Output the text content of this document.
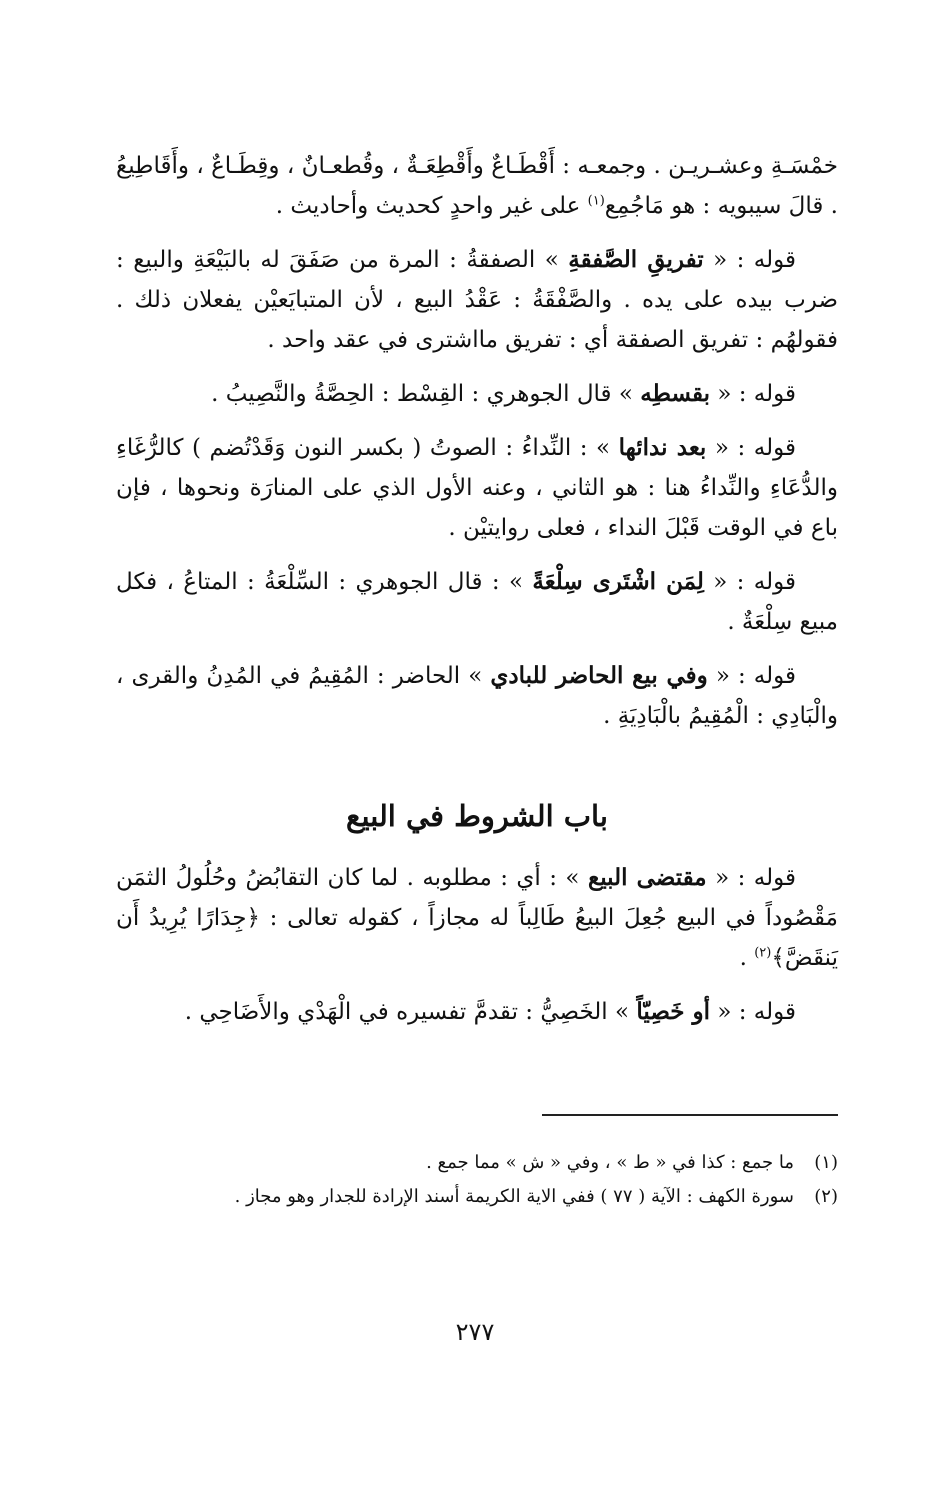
خمْسَـةِ وعشـريـن . وجمعـه : أَقْطَـاعٌ وأَقْطِعَـةٌ ، وقُطعـانٌ ، وقِطَـاعٌ ، وأَقَاطِيعُ . قالَ سيبويه : هو مَاجُمِع$^{(١)}$ على غير واحدٍ كحديث وأحاديث .

قوله : « تفريقِ الصَّفقةِ » الصفقةُ : المرة من صَفَقَ له بالبَيْعَةِ والبيع : ضرب بيده على يده . والصَّفْقَةُ : عَقْدُ البيع ، لأن المتبايَعيْن يفعلان ذلك . فقولهُم : تفريق الصفقة أي : تفريق مااشترى في عقد واحد .

قوله : « بقسطِه » قال الجوهري : القِسْط : الحِصَّةُ والنَّصِيبُ .

قوله : « بعد ندائها » : النِّداءُ : الصوتُ ( بكسر النون وَقَدْتُضم ) كالرُّغَاءِ والدُّعَاءِ والنِّداءُ هنا : هو الثاني ، وعنه الأول الذي على المنارَة ونحوها ، فإن باع في الوقت قَبْلَ النداء ، فعلى روايتيْن .

قوله : « لِمَن اشْتَرى سِلْعَةً » : قال الجوهري : السِّلْعَةُ : المتاعُ ، فكل مبيع سِلْعَةٌ .

قوله : « وفي بيع الحاضر للبادي » الحاضر : المُقِيمُ في المُدِنُ والقرى ، والْبَادِي : الْمُقِيمُ بالْبَادِيَةِ .

باب الشروط في البيع

قوله : « مقتضى البيع » : أي : مطلوبه . لما كان التقابُضُ وحُلُولُ الثمَن مَقْصُوداً في البيع جُعِلَ البيعُ طَالِباً له مجازاً ، كقوله تعالى : ﴿جِدَارًا يُرِيدُ أَن يَنقَضَّ﴾$^{(٢)}$ .

قوله : « أو خَصِيّاً » الخَصِيُّ : تقدمَّ تفسيره في الْهَدْي والأَضَاحِي .

(١)
ما جمع : كذا في « ط » ، وفي « ش » مما جمع .
(٢)
سورة الكهف : الآية ( ٧٧ ) ففي الاية الكريمة أسند الإرادة للجدار وهو مجاز .
٢٧٧
